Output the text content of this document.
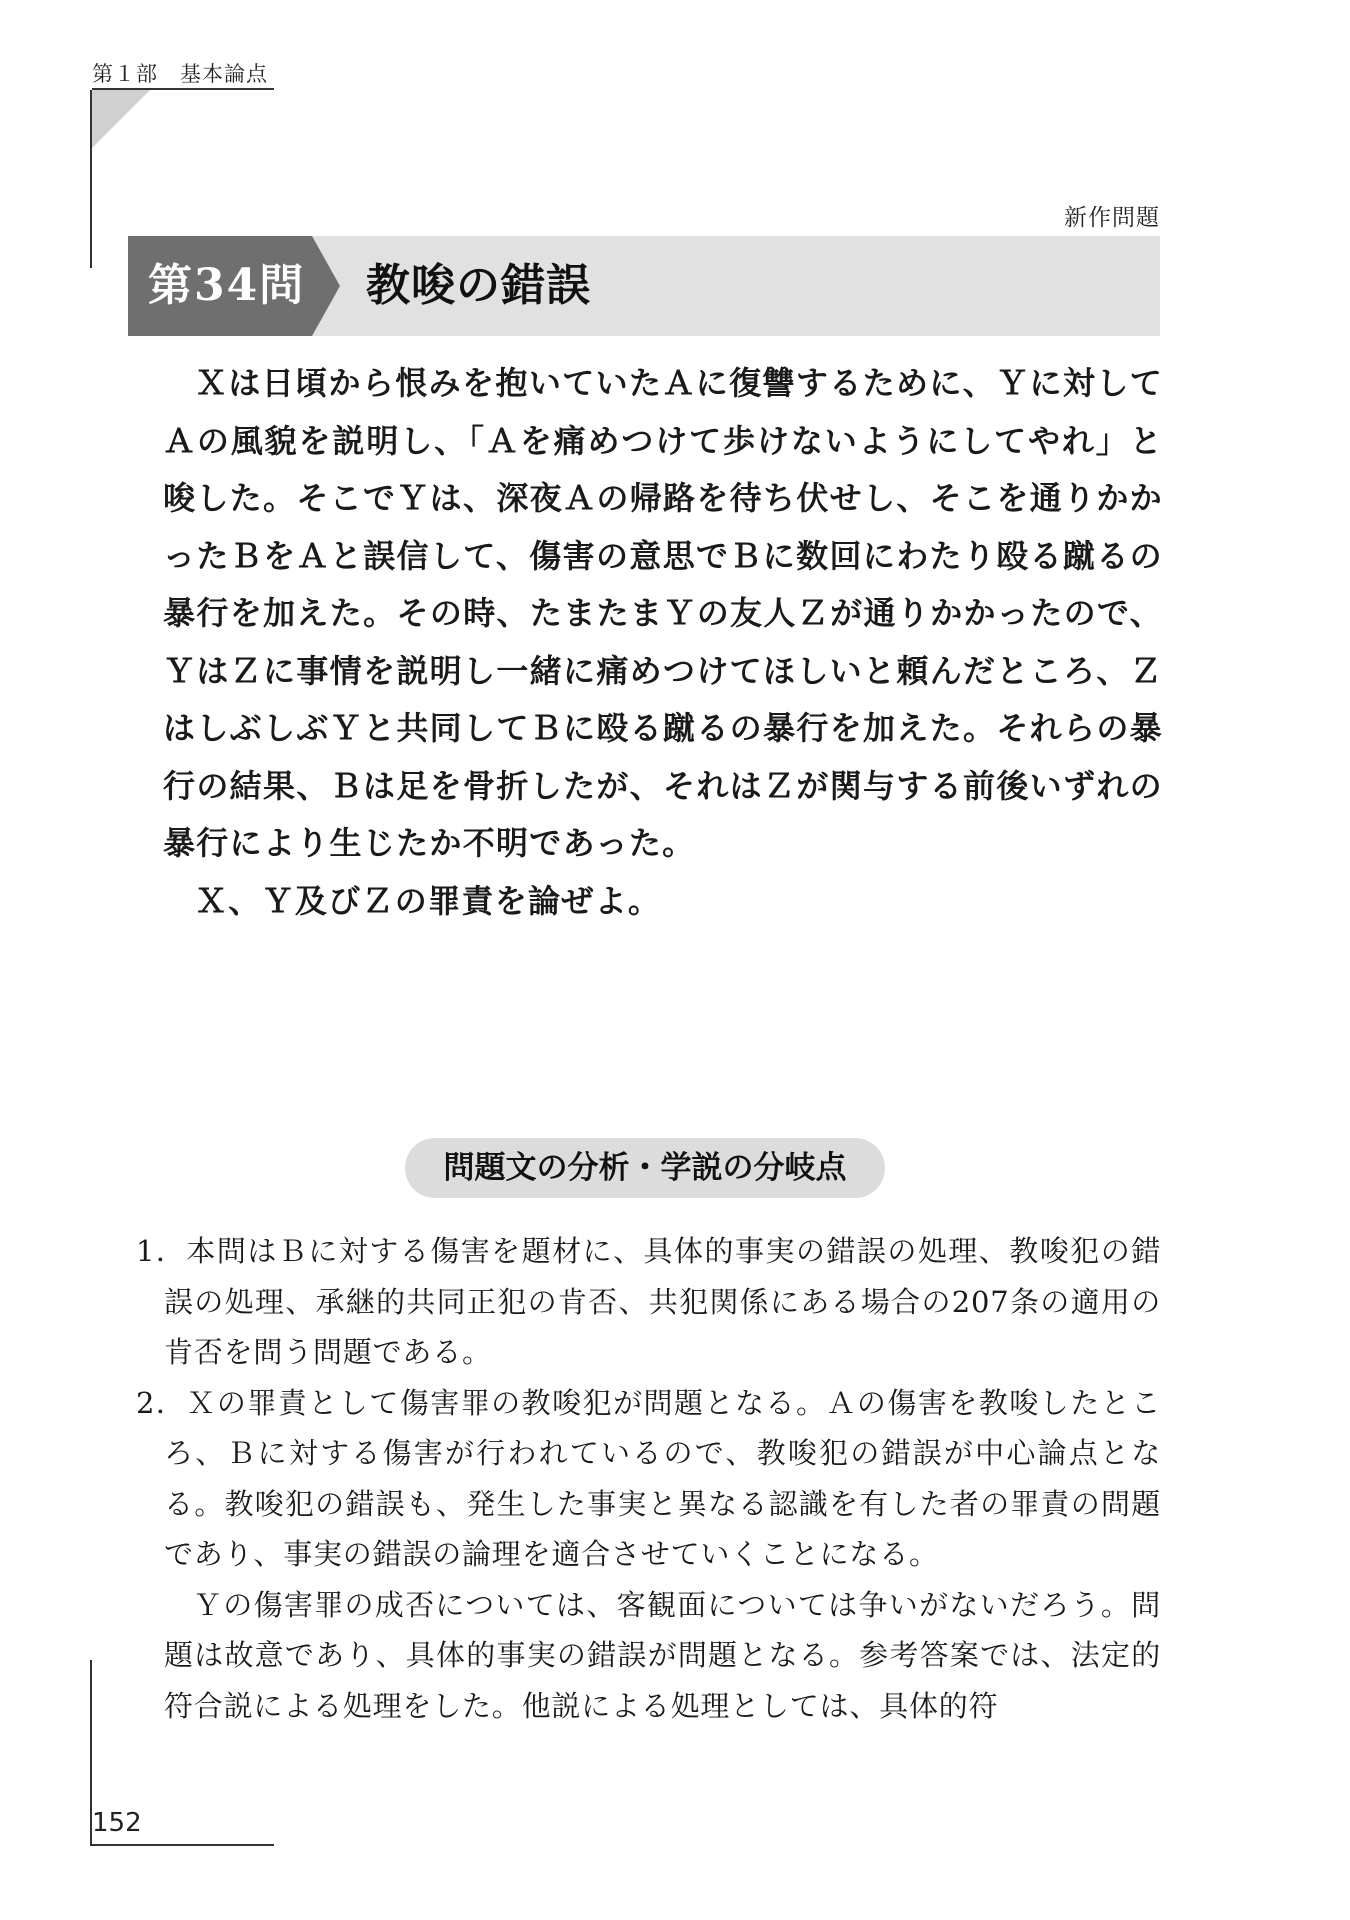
第１部　基本論点
新作問題
第34問 教唆の錯誤

Ｘは日頃から恨みを抱いていたＡに復讐するために、Ｙに対してＡの風貌を説明し、「Ａを痛めつけて歩けないようにしてやれ」と唆した。そこでＹは、深夜Ａの帰路を待ち伏せし、そこを通りかかったＢをＡと誤信して、傷害の意思でＢに数回にわたり殴る蹴るの暴行を加えた。その時、たまたまＹの友人Ｚが通りかかったので、ＹはＺに事情を説明し一緒に痛めつけてほしいと頼んだところ、ＺはしぶしぶＹと共同してＢに殴る蹴るの暴行を加えた。それらの暴行の結果、Ｂは足を骨折したが、それはＺが関与する前後いずれの暴行により生じたか不明であった。

Ｘ、Ｙ及びＺの罪責を論ぜよ。

問題文の分析・学説の分岐点

1．本問はＢに対する傷害を題材に、具体的事実の錯誤の処理、教唆犯の錯誤の処理、承継的共同正犯の肯否、共犯関係にある場合の207条の適用の肯否を問う問題である。

2．Ｘの罪責として傷害罪の教唆犯が問題となる。Ａの傷害を教唆したところ、Ｂに対する傷害が行われているので、教唆犯の錯誤が中心論点となる。教唆犯の錯誤も、発生した事実と異なる認識を有した者の罪責の問題であり、事実の錯誤の論理を適合させていくことになる。

Ｙの傷害罪の成否については、客観面については争いがないだろう。問題は故意であり、具体的事実の錯誤が問題となる。参考答案では、法定的符合説による処理をした。他説による処理としては、具体的符

152
